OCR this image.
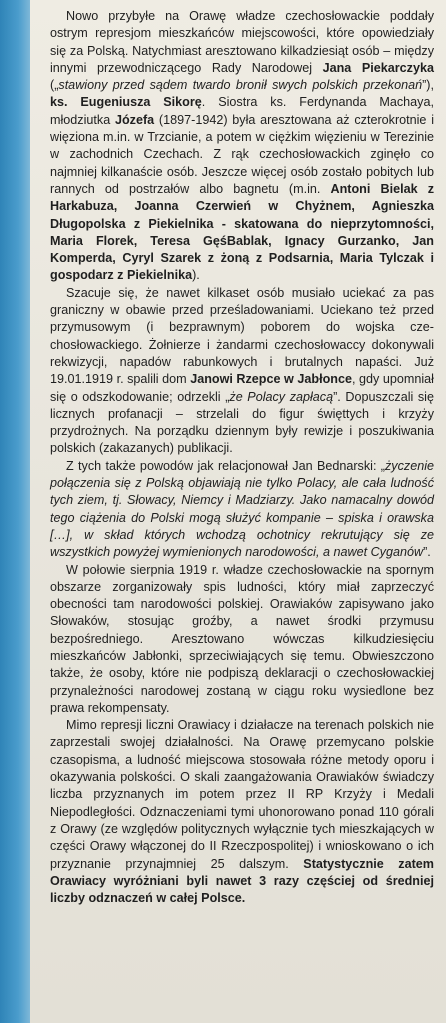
Nowo przybyłe na Orawę władze czechosłowackie poddały ostrym represjom mieszkańców miejscowości, które opowiedziały się za Polską. Natychmiast aresztowano kilkadziesiąt osób – między innymi przewodniczącego Rady Narodowej Jana Piekarczyka („stawiony przed sądem twardo bronił swych polskich przekonań”), ks. Eugeniusza Sikorę. Siostra ks. Ferdynanda Machaya, młodziutka Józefa (1897-1942) była aresztowana aż czterokrotnie i więziona m.in. w Trzcianie, a potem w ciężkim więzieniu w Terezinie w zachodnich Czechach. Z rąk czechosłowackich zginęło co najmniej kilkanaście osób. Jeszcze więcej osób zostało pobitych lub rannych od postrzałów albo bagnetu (m.in. Antoni Bielak z Harkabuza, Joanna Czerwień w Chyżnem, Agnieszka Długopolska z Piekielnika - skatowana do nieprzytomności, Maria Florek, Teresa GęśBablak, Ignacy Gurzanko, Jan Komperda, Cyryl Szarek z żoną z Podsarnia, Maria Tylczak i gospodarz z Piekielnika).

Szacuje się, że nawet kilkaset osób musiało uciekać za pas graniczny w obawie przed prześladowaniami. Uciekano też przed przymusowym (i bezprawnym) poborem do wojska czechosłowackiego. Żołnierze i żandarmi czechosłowaccy dokonywali rekwizycji, napadów rabunkowych i brutalnych napaści. Już 19.01.1919 r. spalili dom Janowi Rzepce w Jabłonce, gdy upomniał się o odszkodowanie; odrzekli „że Polacy zapłacą”. Dopuszczali się licznych profanacji – strzelali do figur święttych i krzyży przydrożnych. Na porządku dziennym były rewizje i poszukiwania polskich (zakazanych) publikacji.

Z tych także powodów jak relacjonował Jan Bednarski: „życzenie połączenia się z Polską objawiają nie tylko Polacy, ale cała ludność tych ziem, tj. Słowacy, Niemcy i Madziarzy. Jako namacalny dowód tego ciążenia do Polski mogą służyć kompanie – spiska i orawska […], w skład których wchodzą ochotnicy rekrutujący się ze wszystkich powyżej wymienionych narodowości, a nawet Cyganów”.

W połowie sierpnia 1919 r. władze czechosłowackie na spornym obszarze zorganizowały spis ludności, który miał zaprzeczyć obecności tam narodowości polskiej. Orawiaków zapisywano jako Słowaków, stosując groźby, a nawet środki przymusu bezpośredniego. Aresztowano wówczas kilkudziesięciu mieszkańców Jabłonki, sprzeciwiających się temu. Obwieszczono także, że osoby, które nie podpiszą deklaracji o czechosłowackiej przynależności narodowej zostaną w ciągu roku wysiedlone bez prawa rekompensaty.

Mimo represji liczni Orawiacy i działacze na terenach polskich nie zaprzestali swojej działalności. Na Orawę przemycano polskie czasopisma, a ludność miejscowa stosowała różne metody oporu i okazywania polskości. O skali zaangażowania Orawiaków świadczy liczba przyznanych im potem przez II RP Krzyży i Medali Niepodległości. Odznaczeniami tymi uhonorowano ponad 110 górali z Orawy (ze względów politycznych wyłącznie tych mieszkających w części Orawy włączonej do II Rzeczpospolitej) i wnioskowano o ich przyznanie przynajmniej 25 dalszym. Statystycznie zatem Orawiacy wyróżniani byli nawet 3 razy częściej od średniej liczby odznaczeń w całej Polsce.
